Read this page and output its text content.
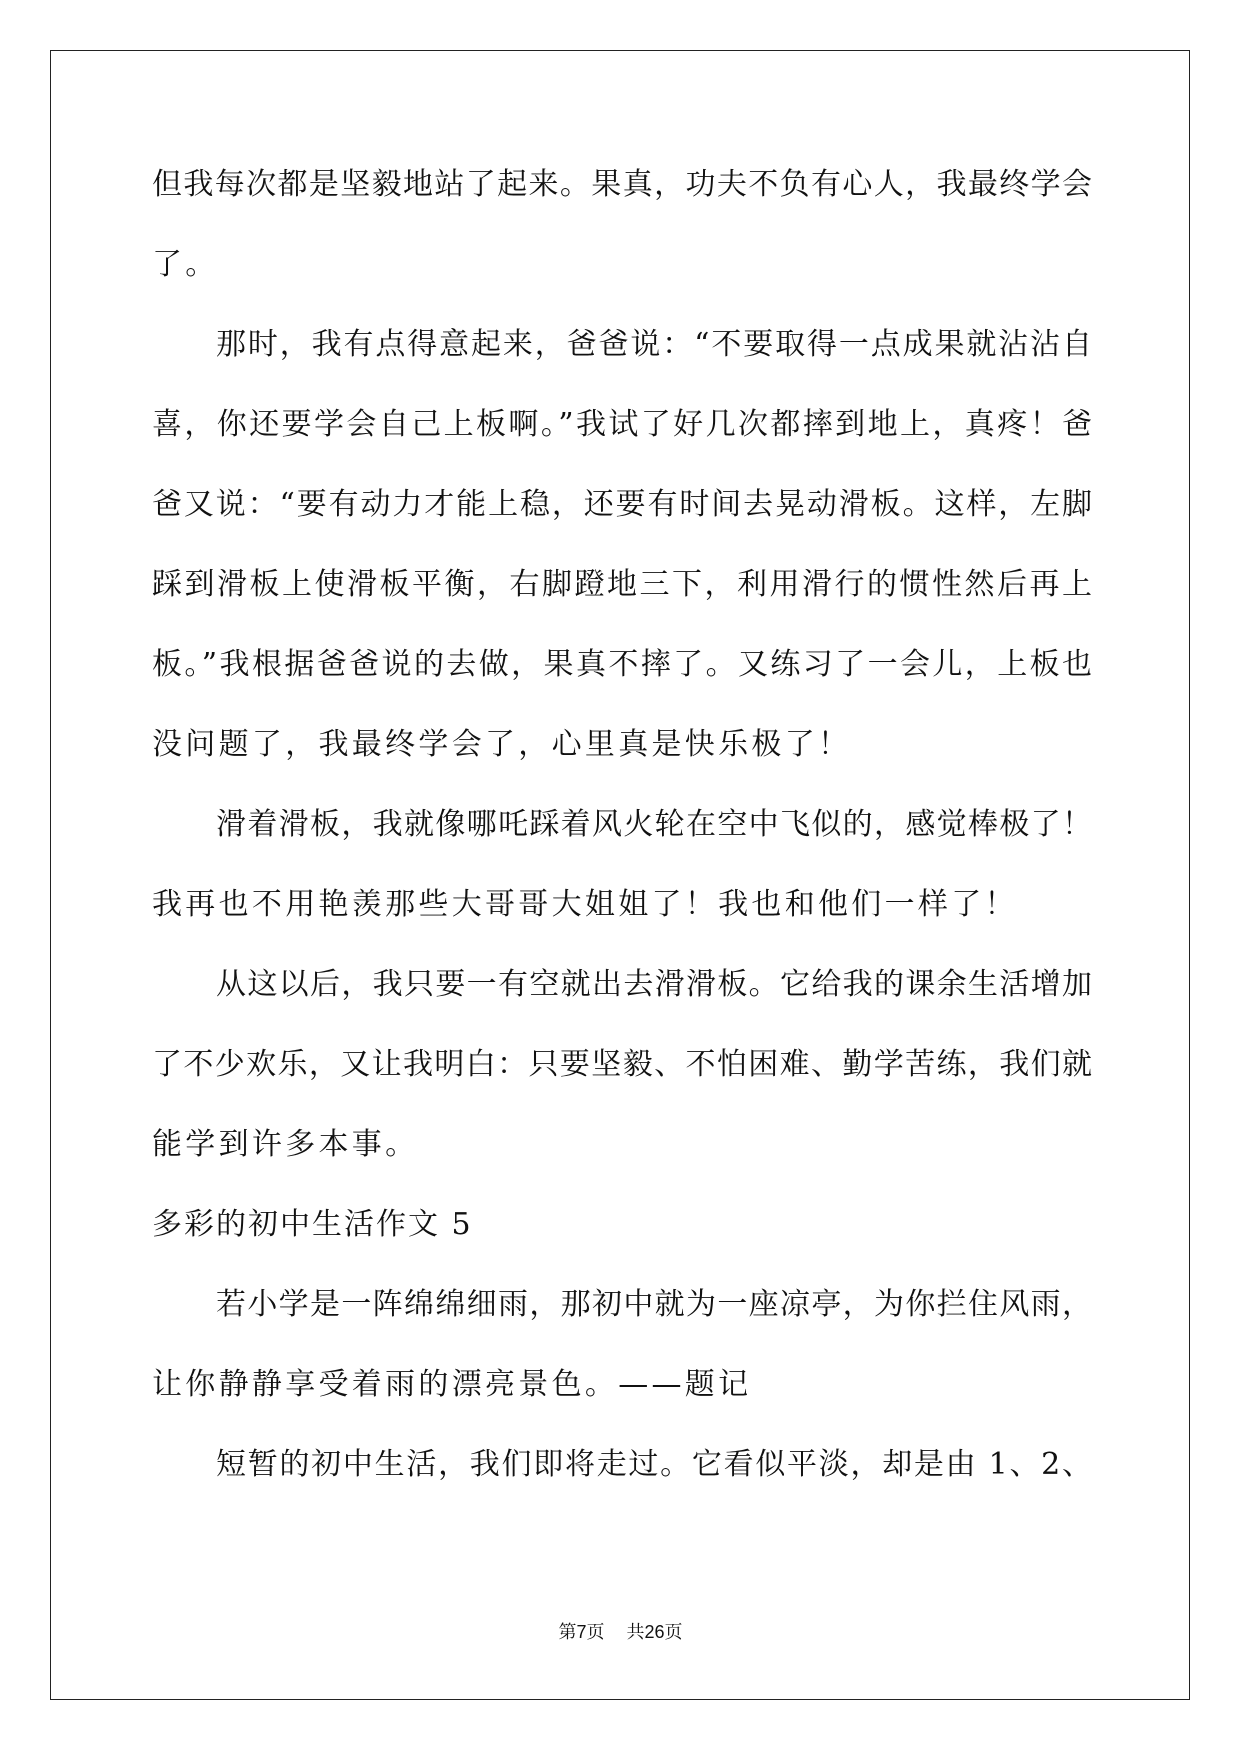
但我每次都是坚毅地站了起来。果真，功夫不负有心人，我最终学会
了。
那时，我有点得意起来，爸爸说：“不要取得一点成果就沾沾自
喜，你还要学会自己上板啊。”我试了好几次都摔到地上，真疼！爸
爸又说：“要有动力才能上稳，还要有时间去晃动滑板。这样，左脚
踩到滑板上使滑板平衡，右脚蹬地三下，利用滑行的惯性然后再上
板。”我根据爸爸说的去做，果真不摔了。又练习了一会儿，上板也
没问题了，我最终学会了，心里真是快乐极了！
滑着滑板，我就像哪吒踩着风火轮在空中飞似的，感觉棒极了！
我再也不用艳羡那些大哥哥大姐姐了！我也和他们一样了！
从这以后，我只要一有空就出去滑滑板。它给我的课余生活增加
了不少欢乐，又让我明白：只要坚毅、不怕困难、勤学苦练，我们就
能学到许多本事。
多彩的初中生活作文 5
若小学是一阵绵绵细雨，那初中就为一座凉亭，为你拦住风雨，
让你静静享受着雨的漂亮景色。——题记
短暂的初中生活，我们即将走过。它看似平淡，却是由 1、2、
第7页 共26页
